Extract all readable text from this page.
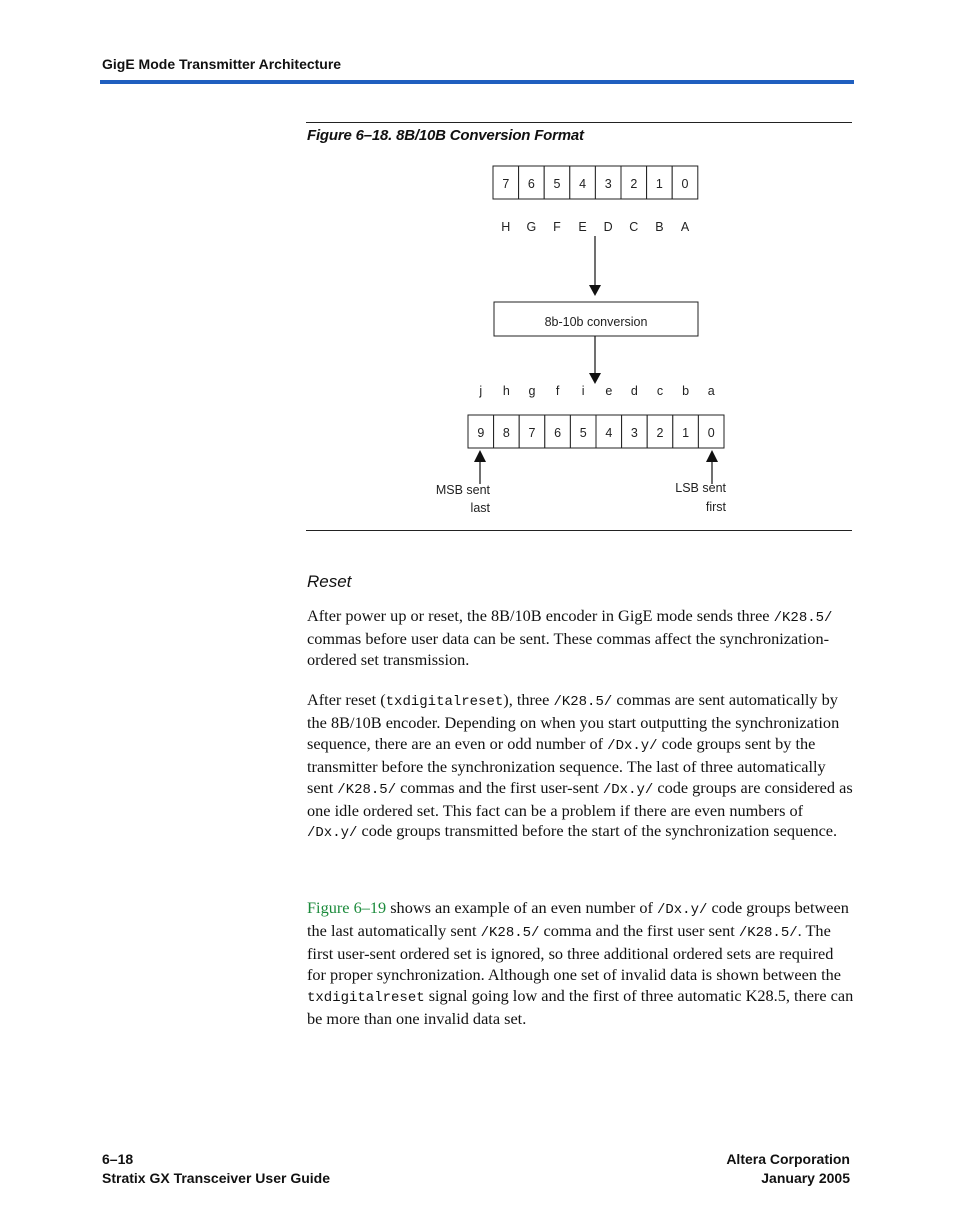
GigE Mode Transmitter Architecture
Figure 6–18. 8B/10B Conversion Format
7 6 5 4 3 2 1 0
H G F E D C B A
8b-10b conversion
j h g f i e d c b a
9 8 7 6 5 4 3 2 1 0
MSB sent
last
LSB sent
first
Reset
After power up or reset, the 8B/10B encoder in GigE mode sends three /K28.5/ commas before user data can be sent. These commas affect the synchronization-ordered set transmission.
After reset (txdigitalreset), three /K28.5/ commas are sent automatically by the 8B/10B encoder. Depending on when you start outputting the synchronization sequence, there are an even or odd number of /Dx.y/ code groups sent by the transmitter before the synchronization sequence. The last of three automatically sent /K28.5/ commas and the first user-sent /Dx.y/ code groups are considered as one idle ordered set. This fact can be a problem if there are even numbers of /Dx.y/ code groups transmitted before the start of the synchronization sequence.
Figure 6–19 shows an example of an even number of /Dx.y/ code groups between the last automatically sent /K28.5/ comma and the first user sent /K28.5/. The first user-sent ordered set is ignored, so three additional ordered sets are required for proper synchronization. Although one set of invalid data is shown between the txdigitalreset signal going low and the first of three automatic K28.5, there can be more than one invalid data set.
6–18
Stratix GX Transceiver User Guide
Altera Corporation
January 2005
